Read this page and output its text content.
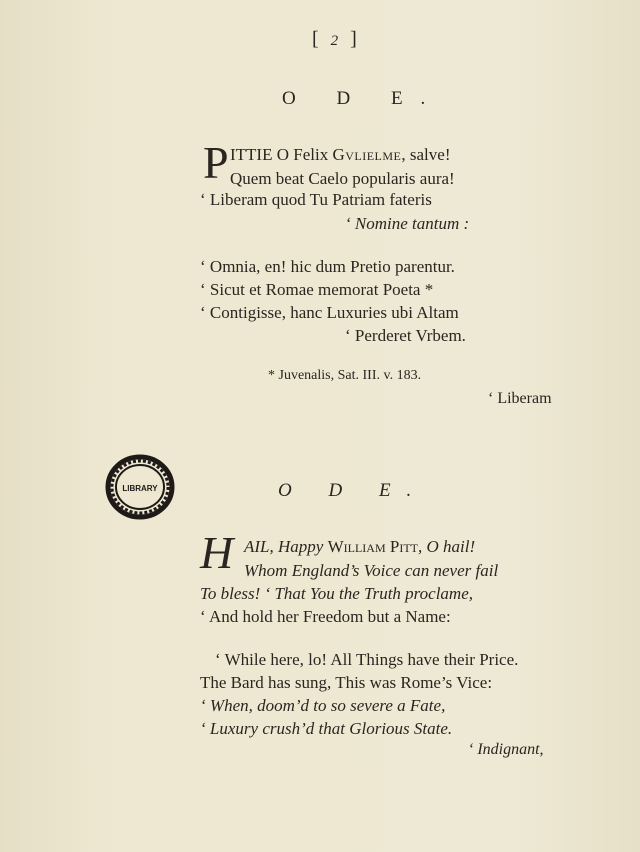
[ 2 ]
O D E.
P ITTIE O Felix Gvlielme, salve!
Quem beat Caelo popularis aura!
‘ Liberam quod Tu Patriam fateris
‘ Nomine tantum :
‘ Omnia, en! hic dum Pretio parentur.
‘ Sicut et Romae memorat Poeta *
‘ Contigisse, hanc Luxuries ubi Altam
‘ Perderet Vrbem.
* Juvenalis, Sat. III. v. 183.
‘ Liberam
LIBRARY	O D E.
H AIL, Happy William Pitt, O hail!
Whom England’s Voice can never fail
To bless! ‘ That You the Truth proclame,
‘ And hold her Freedom but a Name:
‘ While here, lo! All Things have their Price.
The Bard has sung, This was Rome’s Vice:
‘ When, doom’d to so severe a Fate,
‘ Luxury crush’d that Glorious State.
‘ Indignant,
